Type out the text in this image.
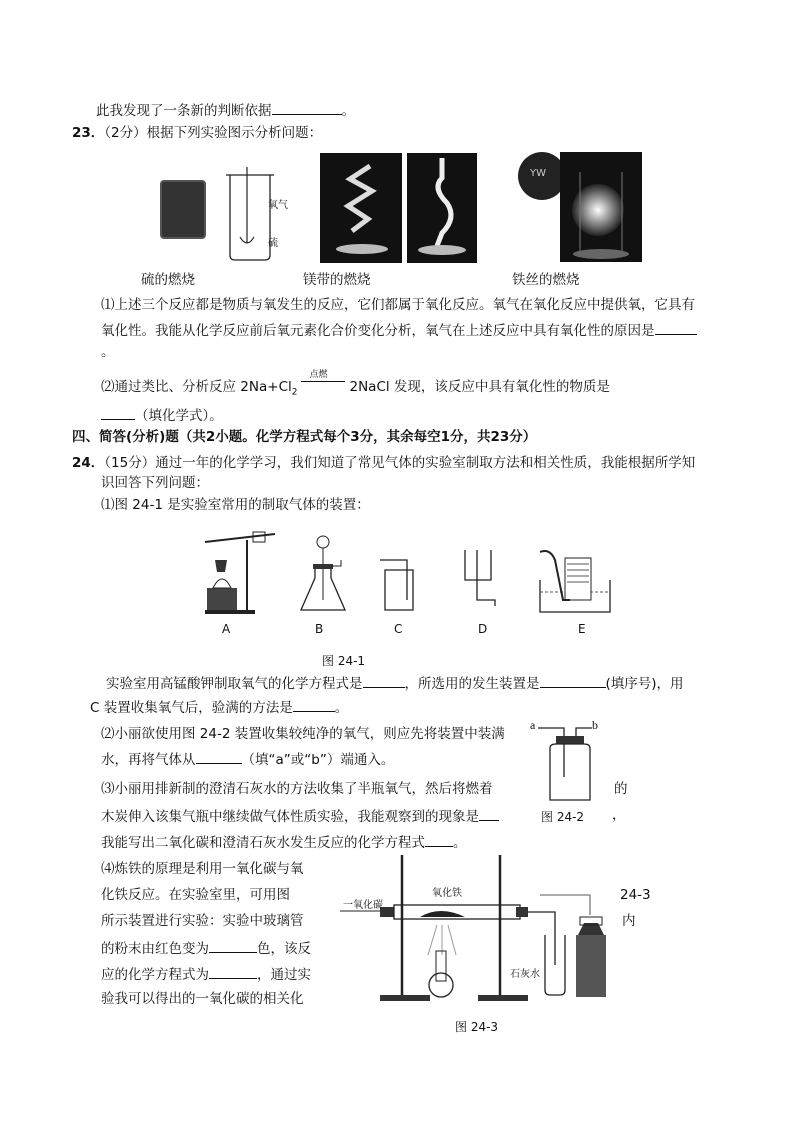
此我发现了一条新的判断依据	。
23．（2分）根据下列实验图示分析问题：
氧气
硫
YW
硫的燃烧	镁带的燃烧	铁丝的燃烧
⑴上述三个反应都是物质与氧发生的反应，它们都属于氧化反应。氧气在氧化反应中提供氧，它具有
氧化性。我能从化学反应前后氧元素化合价变化分析，氧气在上述反应中具有氧化性的原因是
。
⑵通过类比、分析反应 $2Na+Cl_2$
点燃
2NaCl 发现，该反应中具有氧化性的物质是
（填化学式）。
四、简答(分析)题（共2小题。化学方程式每个3分，其余每空1分，共23分）
24．（15分）通过一年的化学学习，我们知道了常见气体的实验室制取方法和相关性质，我能根据所学知
识回答下列问题：
⑴图 24-1 是实验室常用的制取气体的装置：
A	B	C	D	E
图 24-1
实验室用高锰酸钾制取氧气的化学方程式是	，所选用的发生装置是	(填序号)，用
C 装置收集氧气后，验满的方法是	。
⑵小丽欲使用图 24-2 装置收集较纯净的氧气，则应先将装置中装满
水，再将气体从	（填“a”或“b”）端通入。
a	b
图 24-2
⑶小丽用排新制的澄清石灰水的方法收集了半瓶氧气，然后将燃着	的
木炭伸入该集气瓶中继续做气体性质实验，我能观察到的现象是	，
我能写出二氧化碳和澄清石灰水发生反应的化学方程式 。
⑷炼铁的原理是利用一氧化碳与氧
化铁反应。在实验室里，可用图	24-3
所示装置进行实验：实验中玻璃管	内
的粉末由红色变为	色，该反
应的化学方程式为	，通过实
验我可以得出的一氧化碳的相关化
一氧化碳
氧化铁
石灰水
图 24-3
